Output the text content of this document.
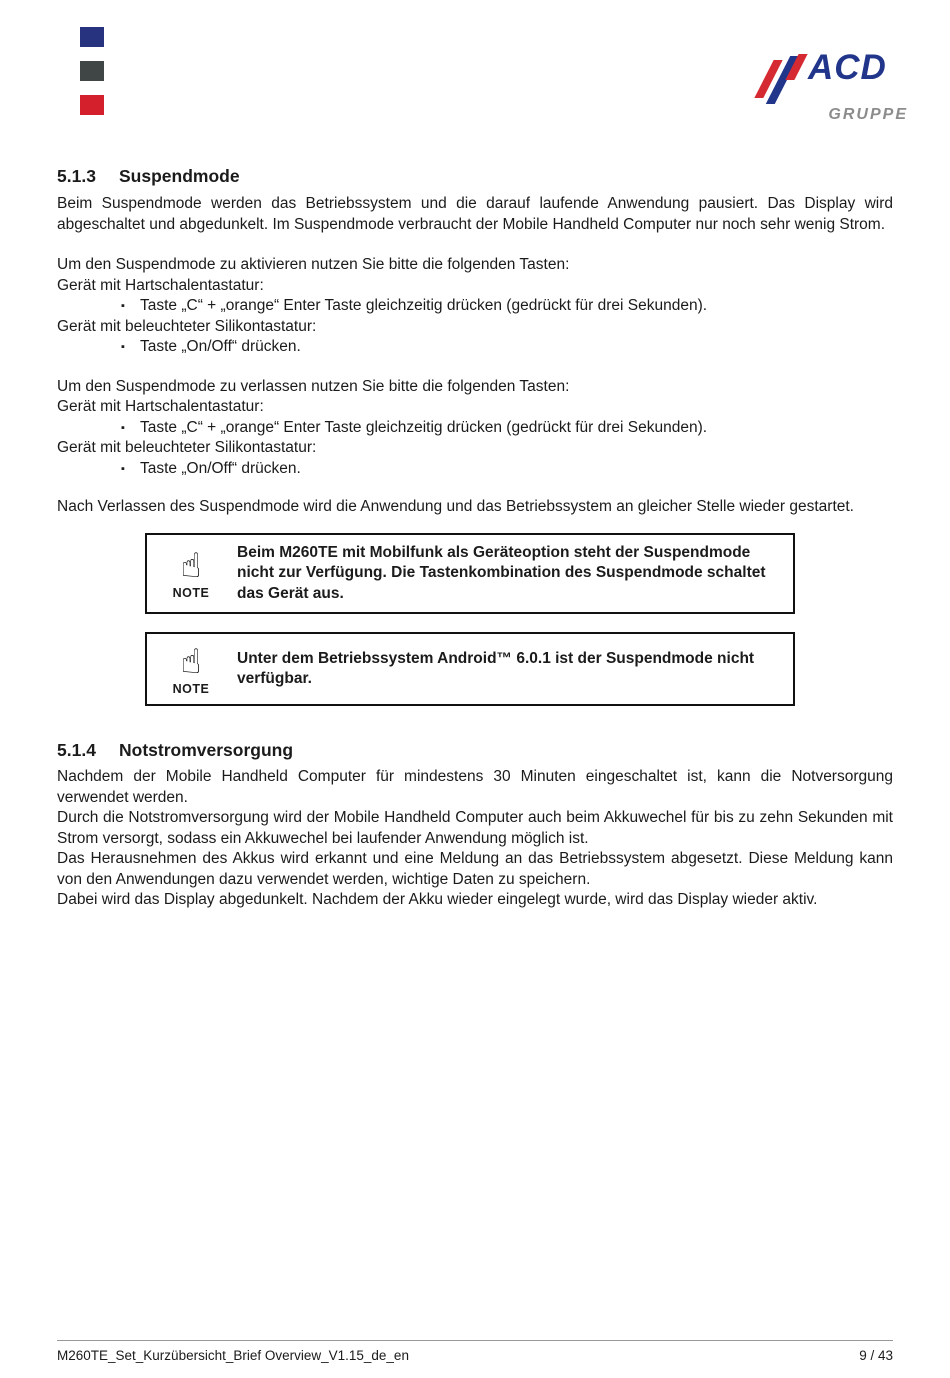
ACD
GRUPPE
5.1.3 Suspendmode

Beim Suspendmode werden das Betriebssystem und die darauf laufende Anwendung pausiert. Das Display wird abgeschaltet und abgedunkelt. Im Suspendmode verbraucht der Mobile Handheld Computer nur noch sehr wenig Strom.

Um den Suspendmode zu aktivieren nutzen Sie bitte die folgenden Tasten:

Gerät mit Hartschalentastatur:

▪ Taste „C“ + „orange“ Enter Taste gleichzeitig drücken (gedrückt für drei Sekunden).

Gerät mit beleuchteter Silikontastatur:

▪ Taste „On/Off“ drücken.

Um den Suspendmode zu verlassen nutzen Sie bitte die folgenden Tasten:

Gerät mit Hartschalentastatur:

▪ Taste „C“ + „orange“ Enter Taste gleichzeitig drücken (gedrückt für drei Sekunden).

Gerät mit beleuchteter Silikontastatur:

▪ Taste „On/Off“ drücken.

Nach Verlassen des Suspendmode wird die Anwendung und das Betriebssystem an gleicher Stelle wieder gestartet.

☝
NOTE
Beim M260TE mit Mobilfunk als Geräteoption steht der Suspendmode nicht zur Verfügung. Die Tastenkombination des Suspendmode schaltet das Gerät aus.
☝
NOTE
Unter dem Betriebssystem Android™ 6.0.1 ist der Suspendmode nicht verfügbar.
5.1.4 Notstromversorgung

Nachdem der Mobile Handheld Computer für mindestens 30 Minuten eingeschaltet ist, kann die Notversorgung verwendet werden.

Durch die Notstromversorgung wird der Mobile Handheld Computer auch beim Akkuwechel für bis zu zehn Sekunden mit Strom versorgt, sodass ein Akkuwechel bei laufender Anwendung möglich ist.

Das Herausnehmen des Akkus wird erkannt und eine Meldung an das Betriebssystem abgesetzt. Diese Meldung kann von den Anwendungen dazu verwendet werden, wichtige Daten zu speichern.

Dabei wird das Display abgedunkelt. Nachdem der Akku wieder eingelegt wurde, wird das Display wieder aktiv.

M260TE_Set_Kurzübersicht_Brief Overview_V1.15_de_en	9 / 43
